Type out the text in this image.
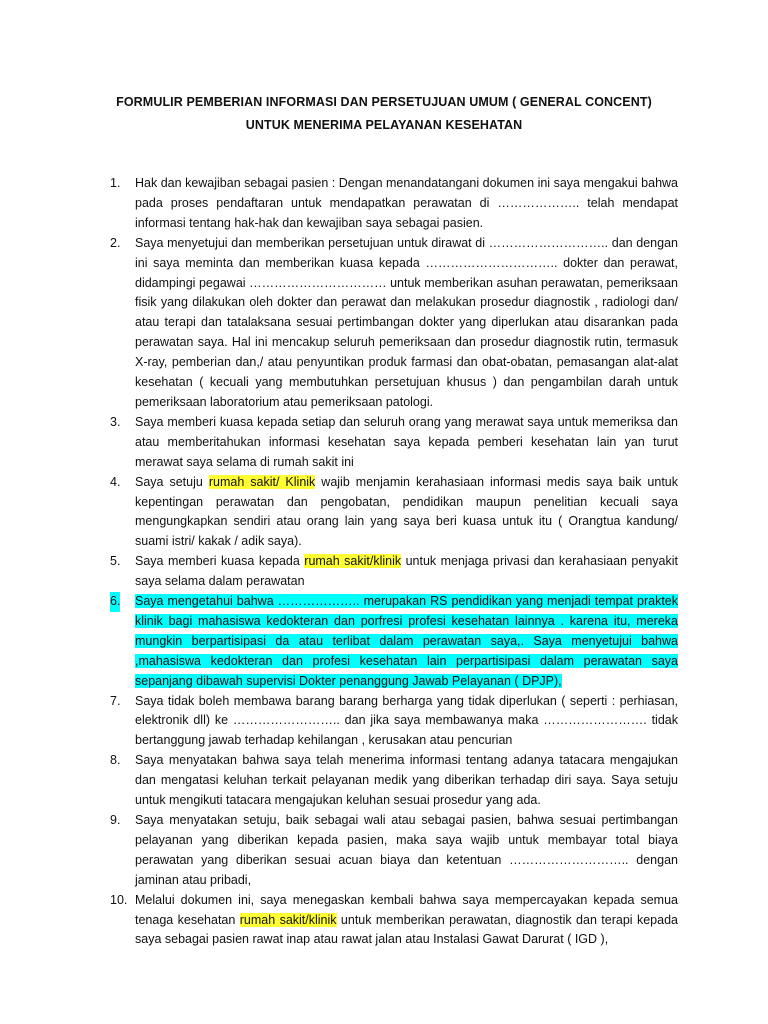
FORMULIR PEMBERIAN INFORMASI DAN PERSETUJUAN UMUM ( GENERAL CONCENT)
UNTUK MENERIMA PELAYANAN KESEHATAN
1. Hak dan kewajiban sebagai pasien : Dengan menandatangani dokumen ini saya mengakui bahwa pada proses pendaftaran untuk mendapatkan perawatan di ……………….. telah mendapat informasi tentang hak-hak dan kewajiban saya sebagai pasien.
2. Saya menyetujui dan memberikan persetujuan untuk dirawat di ……………………….. dan dengan ini saya meminta dan memberikan kuasa kepada ………………………….. dokter dan perawat, didampingi pegawai …………………………… untuk memberikan asuhan perawatan, pemeriksaan fisik yang dilakukan oleh dokter dan perawat dan melakukan prosedur diagnostik , radiologi dan/ atau terapi dan tatalaksana sesuai pertimbangan dokter yang diperlukan atau disarankan pada perawatan saya. Hal ini mencakup seluruh pemeriksaan dan prosedur diagnostik rutin, termasuk X-ray, pemberian dan,/ atau penyuntikan produk farmasi dan obat-obatan, pemasangan alat-alat kesehatan ( kecuali yang membutuhkan persetujuan khusus ) dan pengambilan darah untuk pemeriksaan laboratorium atau pemeriksaan patologi.
3. Saya memberi kuasa kepada setiap dan seluruh orang yang merawat saya untuk memeriksa dan atau memberitahukan informasi kesehatan saya kepada pemberi kesehatan lain yan turut merawat saya selama di rumah sakit ini
4. Saya setuju rumah sakit/ Klinik wajib menjamin kerahasiaan informasi medis saya baik untuk kepentingan perawatan dan pengobatan, pendidikan maupun penelitian kecuali saya mengungkapkan sendiri atau orang lain yang saya beri kuasa untuk itu ( Orangtua kandung/ suami istri/ kakak / adik saya).
5. Saya memberi kuasa kepada rumah sakit/klinik untuk menjaga privasi dan kerahasiaan penyakit saya selama dalam perawatan
6. Saya mengetahui bahwa ……………….. merupakan RS pendidikan yang menjadi tempat praktek klinik bagi mahasiswa kedokteran dan porfresi profesi kesehatan lainnya . karena itu, mereka mungkin berpartisipasi da atau terlibat dalam perawatan saya,. Saya menyetujui bahwa ,mahasiswa kedokteran dan profesi kesehatan lain perpartisipasi dalam perawatan saya sepanjang dibawah supervisi Dokter penanggung Jawab Pelayanan ( DPJP),
7. Saya tidak boleh membawa barang barang berharga yang tidak diperlukan ( seperti : perhiasan, elektronik dll) ke …………………….. dan jika saya membawanya maka ……………………. tidak bertanggung jawab terhadap kehilangan , kerusakan atau pencurian
8. Saya menyatakan bahwa saya telah menerima informasi tentang adanya tatacara mengajukan dan mengatasi keluhan terkait pelayanan medik yang diberikan terhadap diri saya. Saya setuju untuk mengikuti tatacara mengajukan keluhan sesuai prosedur yang ada.
9. Saya menyatakan setuju, baik sebagai wali atau sebagai pasien, bahwa sesuai pertimbangan pelayanan yang diberikan kepada pasien, maka saya wajib untuk membayar total biaya perawatan yang diberikan sesuai acuan biaya dan ketentuan ……………………….. dengan jaminan atau pribadi,
10. Melalui dokumen ini, saya menegaskan kembali bahwa saya mempercayakan kepada semua tenaga kesehatan rumah sakit/klinik untuk memberikan perawatan, diagnostik dan terapi kepada saya sebagai pasien rawat inap atau rawat jalan atau Instalasi Gawat Darurat ( IGD ),
